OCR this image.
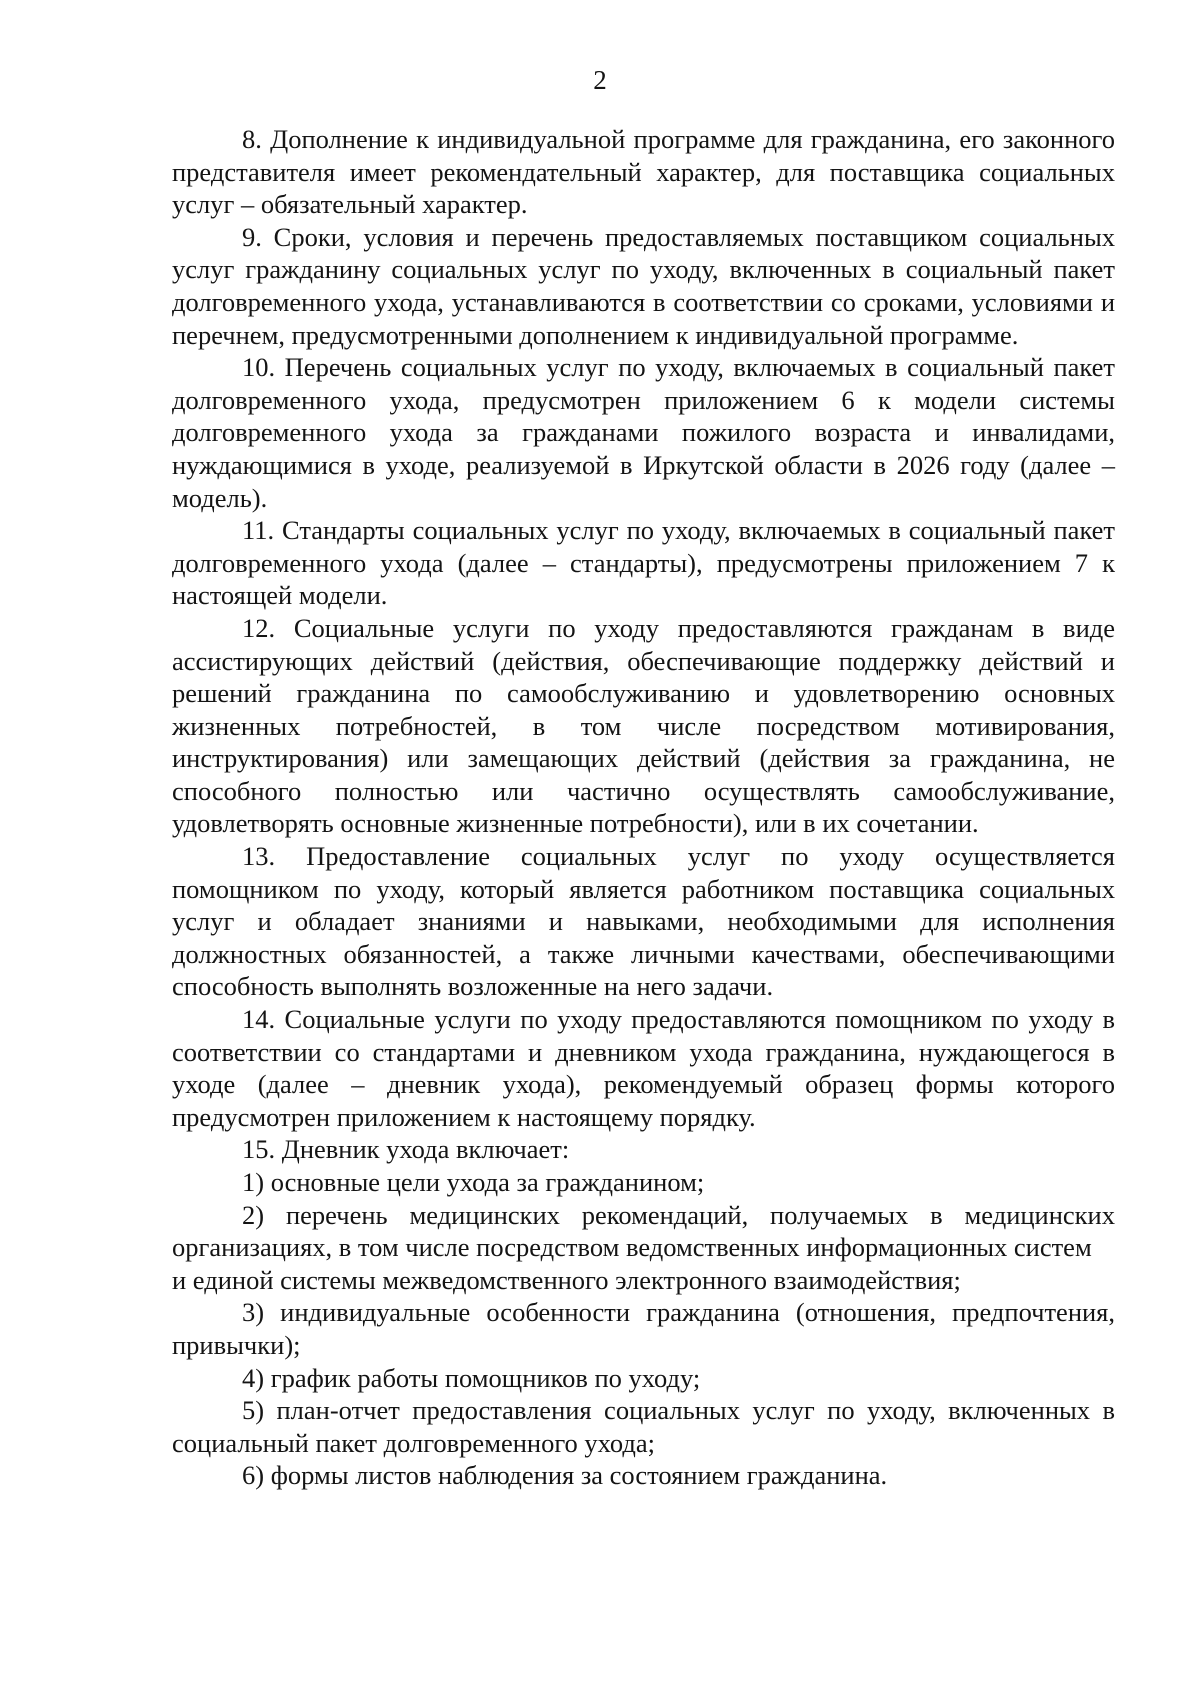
2

8. Дополнение к индивидуальной программе для гражданина, его законного представителя имеет рекомендательный характер, для поставщика социальных услуг – обязательный характер.

9. Сроки, условия и перечень предоставляемых поставщиком социальных услуг гражданину социальных услуг по уходу, включенных в социальный пакет долговременного ухода, устанавливаются в соответствии со сроками, условиями и перечнем, предусмотренными дополнением к индивидуальной программе.

10. Перечень социальных услуг по уходу, включаемых в социальный пакет долговременного ухода, предусмотрен приложением 6 к модели системы долговременного ухода за гражданами пожилого возраста и инвалидами, нуждающимися в уходе, реализуемой в Иркутской области в 2026 году (далее – модель).

11. Стандарты социальных услуг по уходу, включаемых в социальный пакет долговременного ухода (далее – стандарты), предусмотрены приложением 7 к настоящей модели.

12. Социальные услуги по уходу предоставляются гражданам в виде ассистирующих действий (действия, обеспечивающие поддержку действий и решений гражданина по самообслуживанию и удовлетворению основных жизненных потребностей, в том числе посредством мотивирования, инструктирования) или замещающих действий (действия за гражданина, не способного полностью или частично осуществлять самообслуживание, удовлетворять основные жизненные потребности), или в их сочетании.

13. Предоставление социальных услуг по уходу осуществляется помощником по уходу, который является работником поставщика социальных услуг и обладает знаниями и навыками, необходимыми для исполнения должностных обязанностей, а также личными качествами, обеспечивающими способность выполнять возложенные на него задачи.

14. Социальные услуги по уходу предоставляются помощником по уходу в соответствии со стандартами и дневником ухода гражданина, нуждающегося в уходе (далее – дневник ухода), рекомендуемый образец формы которого предусмотрен приложением к настоящему порядку.

15. Дневник ухода включает:

1) основные цели ухода за гражданином;

2) перечень медицинских рекомендаций, получаемых в медицинских организациях, в том числе посредством ведомственных информационных систем

и единой системы межведомственного электронного взаимодействия;

3) индивидуальные особенности гражданина (отношения, предпочтения, привычки);

4) график работы помощников по уходу;

5) план-отчет предоставления социальных услуг по уходу, включенных в социальный пакет долговременного ухода;

6) формы листов наблюдения за состоянием гражданина.
